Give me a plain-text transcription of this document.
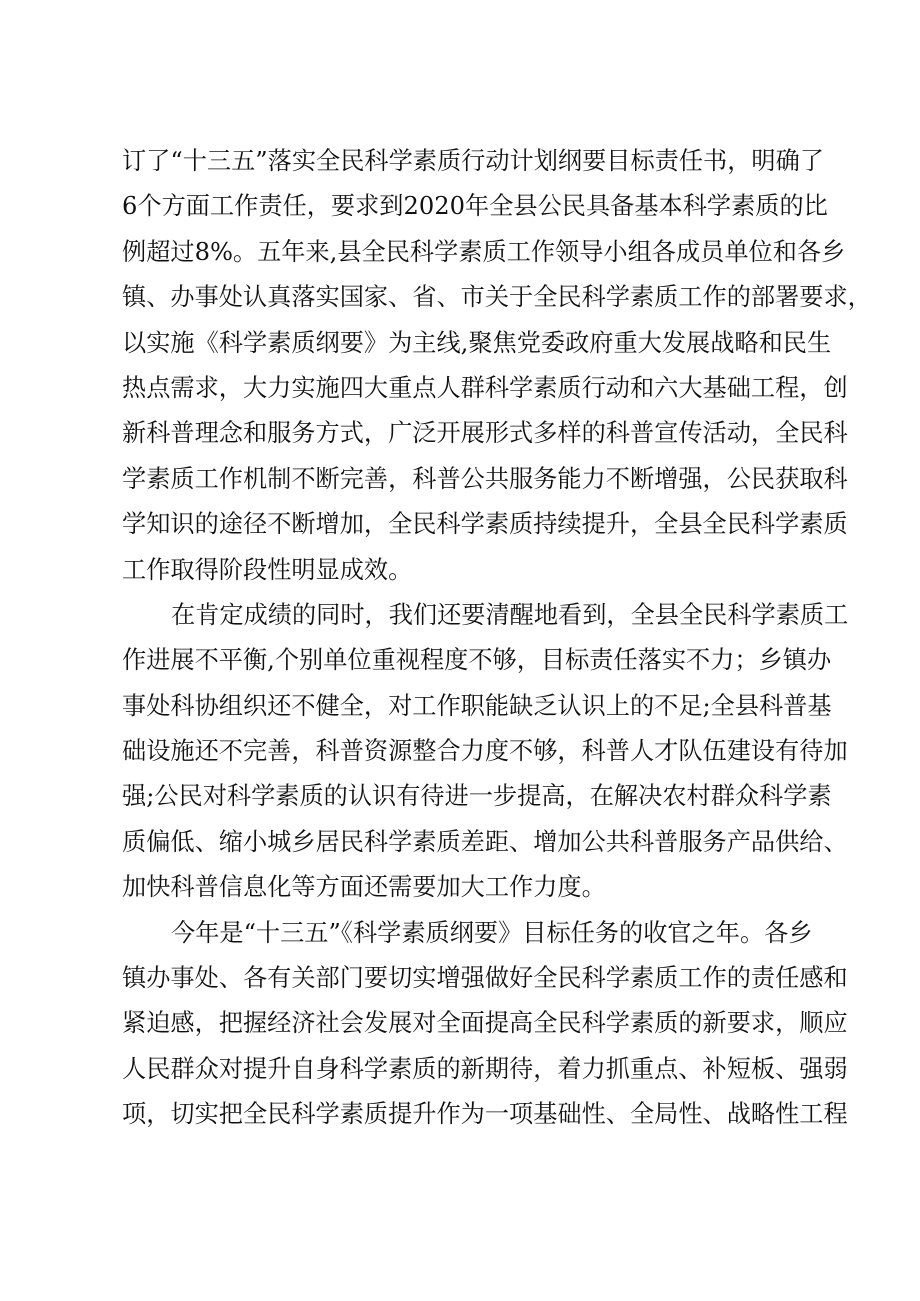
订了“十三五”落实全民科学素质行动计划纲要目标责任书，明确了
6个方面工作责任，要求到2020年全县公民具备基本科学素质的比
例超过8%。五年来,县全民科学素质工作领导小组各成员单位和各乡
镇、办事处认真落实国家、省、市关于全民科学素质工作的部署要求，
以实施《科学素质纲要》为主线,聚焦党委政府重大发展战略和民生
热点需求，大力实施四大重点人群科学素质行动和六大基础工程，创
新科普理念和服务方式，广泛开展形式多样的科普宣传活动，全民科
学素质工作机制不断完善，科普公共服务能力不断增强，公民获取科
学知识的途径不断增加，全民科学素质持续提升，全县全民科学素质
工作取得阶段性明显成效。
在肯定成绩的同时，我们还要清醒地看到，全县全民科学素质工
作进展不平衡,个别单位重视程度不够，目标责任落实不力；乡镇办
事处科协组织还不健全，对工作职能缺乏认识上的不足;全县科普基
础设施还不完善，科普资源整合力度不够，科普人才队伍建设有待加
强;公民对科学素质的认识有待进一步提高，在解决农村群众科学素
质偏低、缩小城乡居民科学素质差距、增加公共科普服务产品供给、
加快科普信息化等方面还需要加大工作力度。
今年是“十三五”《科学素质纲要》目标任务的收官之年。各乡
镇办事处、各有关部门要切实增强做好全民科学素质工作的责任感和
紧迫感，把握经济社会发展对全面提高全民科学素质的新要求，顺应
人民群众对提升自身科学素质的新期待，着力抓重点、补短板、强弱
项，切实把全民科学素质提升作为一项基础性、全局性、战略性工程
